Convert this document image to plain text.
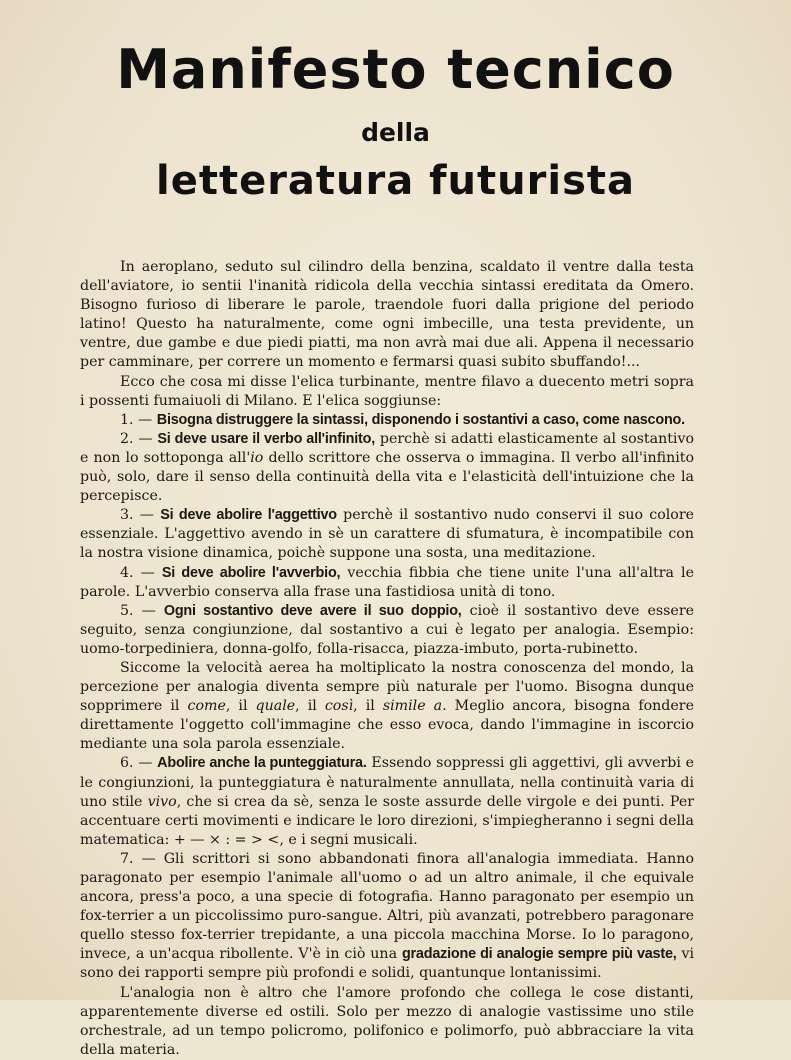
Manifesto tecnico
della
letteratura futurista

In aeroplano, seduto sul cilindro della benzina, scaldato il ventre dalla testa dell'aviatore, io sentii l'inanità ridicola della vecchia sintassi ereditata da Omero. Bisogno furioso di liberare le parole, traendole fuori dalla prigione del periodo latino! Questo ha naturalmente, come ogni imbecille, una testa previdente, un ventre, due gambe e due piedi piatti, ma non avrà mai due ali. Appena il necessario per camminare, per correre un momento e fermarsi quasi subito sbuffando!...

Ecco che cosa mi disse l'elica turbinante, mentre filavo a duecento metri sopra i possenti fumaiuoli di Milano. E l'elica soggiunse:

1. — Bisogna distruggere la sintassi, disponendo i sostantivi a caso, come nascono.

2. — Si deve usare il verbo all'infinito, perchè si adatti elasticamente al sostantivo e non lo sottoponga all'io dello scrittore che osserva o immagina. Il verbo all'infinito può, solo, dare il senso della continuità della vita e l'elasticità dell'intuizione che la percepisce.

3. — Si deve abolire l'aggettivo perchè il sostantivo nudo conservi il suo colore essenziale. L'aggettivo avendo in sè un carattere di sfumatura, è incompatibile con la nostra visione dinamica, poichè suppone una sosta, una meditazione.

4. — Si deve abolire l'avverbio, vecchia fibbia che tiene unite l'una all'altra le parole. L'avverbio conserva alla frase una fastidiosa unità di tono.

5. — Ogni sostantivo deve avere il suo doppio, cioè il sostantivo deve essere seguito, senza congiunzione, dal sostantivo a cui è legato per analogia. Esempio: uomo-torpediniera, donna-golfo, folla-risacca, piazza-imbuto, porta-rubinetto.

Siccome la velocità aerea ha moltiplicato la nostra conoscenza del mondo, la percezione per analogia diventa sempre più naturale per l'uomo. Bisogna dunque sopprimere il come, il quale, il così, il simile a. Meglio ancora, bisogna fondere direttamente l'oggetto coll'immagine che esso evoca, dando l'immagine in iscorcio mediante una sola parola essenziale.

6. — Abolire anche la punteggiatura. Essendo soppressi gli aggettivi, gli avverbi e le congiunzioni, la punteggiatura è naturalmente annullata, nella continuità varia di uno stile vivo, che si crea da sè, senza le soste assurde delle virgole e dei punti. Per accentuare certi movimenti e indicare le loro direzioni, s'impiegheranno i segni della matematica: + — × : = > <, e i segni musicali.

7. — Gli scrittori si sono abbandonati finora all'analogia immediata. Hanno paragonato per esempio l'animale all'uomo o ad un altro animale, il che equivale ancora, press'a poco, a una specie di fotografia. Hanno paragonato per esempio un fox-terrier a un piccolissimo puro-sangue. Altri, più avanzati, potrebbero paragonare quello stesso fox-terrier trepidante, a una piccola macchina Morse. Io lo paragono, invece, a un'acqua ribollente. V'è in ciò una gradazione di analogie sempre più vaste, vi sono dei rapporti sempre più profondi e solidi, quantunque lontanissimi.

L'analogia non è altro che l'amore profondo che collega le cose distanti, apparentemente diverse ed ostili. Solo per mezzo di analogie vastissime uno stile orchestrale, ad un tempo policromo, polifonico e polimorfo, può abbracciare la vita della materia.
